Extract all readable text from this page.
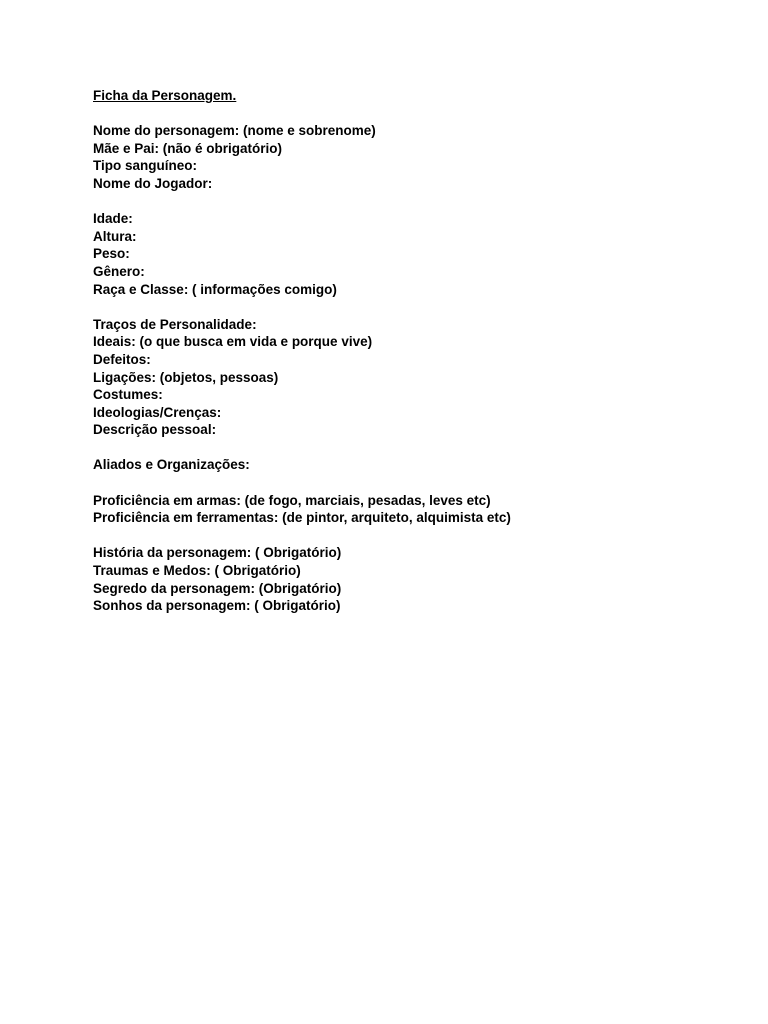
Ficha da Personagem.
Nome do personagem: (nome e sobrenome)
Mãe e Pai: (não é obrigatório)
Tipo sanguíneo:
Nome do Jogador:
Idade:
Altura:
Peso:
Gênero:
Raça e Classe: ( informações comigo)
Traços de Personalidade:
Ideais: (o que busca em vida e porque vive)
Defeitos:
Ligações: (objetos, pessoas)
Costumes:
Ideologias/Crenças:
Descrição pessoal:
Aliados e Organizações:
Proficiência em armas: (de fogo, marciais, pesadas, leves etc)
Proficiência em ferramentas: (de pintor, arquiteto, alquimista etc)
História da personagem: ( Obrigatório)
Traumas e Medos: ( Obrigatório)
Segredo da personagem: (Obrigatório)
Sonhos da personagem: ( Obrigatório)
